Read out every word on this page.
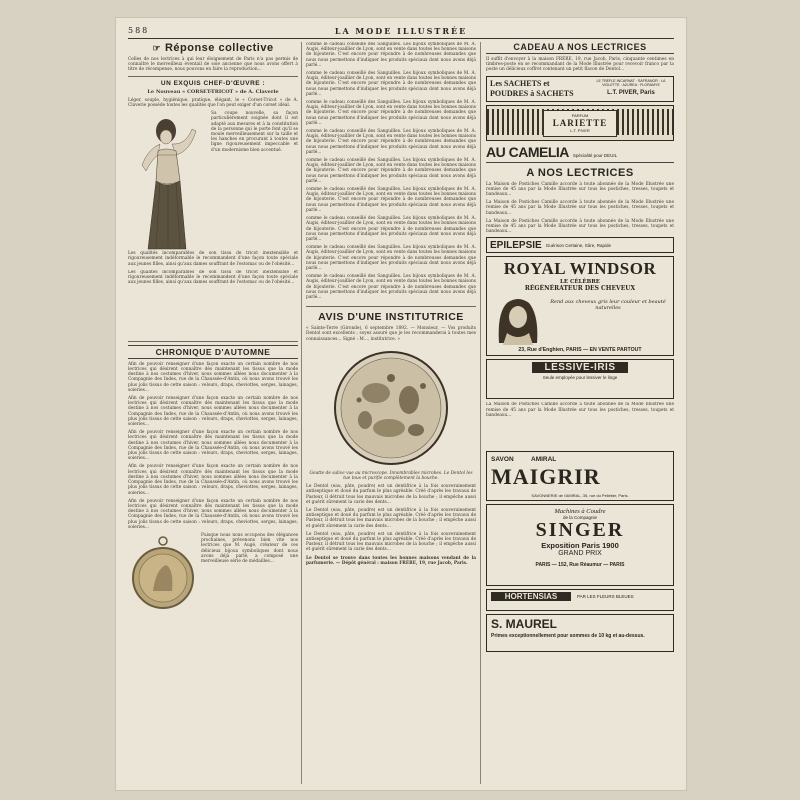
588	LA MODE ILLUSTRÉE
☞ Réponse collective

Celles de nos lectrices à qui leur éloignement de Paris n'a pas permis de connaître le merveilleux éventail de soie ancienne que nous avons offert à titre de récompense, nous pouvons en faire la reproduction...

UN EXQUIS CHEF-D'ŒUVRE :

Le Nouveau « CORSET-TRICOT » de A. Claverie

Léger, souple, hygiénique, pratique, élégant, le « Corset-Tricot » de A. Claverie possède toutes les qualités que l'on peut exiger d'un corset idéal.

Sa coupe nouvelle, sa façon particulièrement soignée dont il est adapté aux mesures et à la constitution de la personne qui le porte font qu'il se moule merveilleusement sur la taille et les hanches en procurant à toutes une ligne rigoureusement impeccable et d'un modernisme bien accentué.

Les qualités incomparables de son tissu de tricot inextensible et rigoureusement indéformable le recommandent d'une façon toute spéciale aux jeunes filles, ainsi qu'aux dames souffrant de l'estomac ou de l'obésité...

Les qualités incomparables de son tissu de tricot inextensible et rigoureusement indéformable le recommandent d'une façon toute spéciale aux jeunes filles, ainsi qu'aux dames souffrant de l'estomac ou de l'obésité...

CHRONIQUE D'AUTOMNE

Afin de pouvoir renseigner d'une façon exacte un certain nombre de nos lectrices qui désirent connaître dès maintenant les tissus que la mode destine à nos costumes d'hiver, nous sommes allées nous documenter à la Compagnie des Indes, rue de la Chaussée-d'Antin, où nous avons trouvé les plus jolis tissus de cette saison : velours, draps, cheviottes, serges, lainages, soieries...

Afin de pouvoir renseigner d'une façon exacte un certain nombre de nos lectrices qui désirent connaître dès maintenant les tissus que la mode destine à nos costumes d'hiver, nous sommes allées nous documenter à la Compagnie des Indes, rue de la Chaussée-d'Antin, où nous avons trouvé les plus jolis tissus de cette saison : velours, draps, cheviottes, serges, lainages, soieries...

Afin de pouvoir renseigner d'une façon exacte un certain nombre de nos lectrices qui désirent connaître dès maintenant les tissus que la mode destine à nos costumes d'hiver, nous sommes allées nous documenter à la Compagnie des Indes, rue de la Chaussée-d'Antin, où nous avons trouvé les plus jolis tissus de cette saison : velours, draps, cheviottes, serges, lainages, soieries...

Afin de pouvoir renseigner d'une façon exacte un certain nombre de nos lectrices qui désirent connaître dès maintenant les tissus que la mode destine à nos costumes d'hiver, nous sommes allées nous documenter à la Compagnie des Indes, rue de la Chaussée-d'Antin, où nous avons trouvé les plus jolis tissus de cette saison : velours, draps, cheviottes, serges, lainages, soieries...

Afin de pouvoir renseigner d'une façon exacte un certain nombre de nos lectrices qui désirent connaître dès maintenant les tissus que la mode destine à nos costumes d'hiver, nous sommes allées nous documenter à la Compagnie des Indes, rue de la Chaussée-d'Antin, où nous avons trouvé les plus jolis tissus de cette saison : velours, draps, cheviottes, serges, lainages, soieries...

Puisque nous nous occupons des élégances prochaines, prévenons bien vite nos lectrices que M. Augé, créateur de ces délicieux bijoux symboliques dont nous avons déjà parlé, a composé une merveilleuse série de médailles...

comme le cadeau conseillé des Sanguilles. Les bijoux symboliques de M. A. Augis, éditeur-joaillier de Lyon, sont en vente dans toutes les bonnes maisons de bijouterie. C'est encore pour répondre à de nombreuses demandes que nous nous permettons d'indiquer les produits spéciaux dont nous avons déjà parlé...

comme le cadeau conseillé des Sanguilles. Les bijoux symboliques de M. A. Augis, éditeur-joaillier de Lyon, sont en vente dans toutes les bonnes maisons de bijouterie. C'est encore pour répondre à de nombreuses demandes que nous nous permettons d'indiquer les produits spéciaux dont nous avons déjà parlé...

comme le cadeau conseillé des Sanguilles. Les bijoux symboliques de M. A. Augis, éditeur-joaillier de Lyon, sont en vente dans toutes les bonnes maisons de bijouterie. C'est encore pour répondre à de nombreuses demandes que nous nous permettons d'indiquer les produits spéciaux dont nous avons déjà parlé...

comme le cadeau conseillé des Sanguilles. Les bijoux symboliques de M. A. Augis, éditeur-joaillier de Lyon, sont en vente dans toutes les bonnes maisons de bijouterie. C'est encore pour répondre à de nombreuses demandes que nous nous permettons d'indiquer les produits spéciaux dont nous avons déjà parlé...

comme le cadeau conseillé des Sanguilles. Les bijoux symboliques de M. A. Augis, éditeur-joaillier de Lyon, sont en vente dans toutes les bonnes maisons de bijouterie. C'est encore pour répondre à de nombreuses demandes que nous nous permettons d'indiquer les produits spéciaux dont nous avons déjà parlé...

comme le cadeau conseillé des Sanguilles. Les bijoux symboliques de M. A. Augis, éditeur-joaillier de Lyon, sont en vente dans toutes les bonnes maisons de bijouterie. C'est encore pour répondre à de nombreuses demandes que nous nous permettons d'indiquer les produits spéciaux dont nous avons déjà parlé...

comme le cadeau conseillé des Sanguilles. Les bijoux symboliques de M. A. Augis, éditeur-joaillier de Lyon, sont en vente dans toutes les bonnes maisons de bijouterie. C'est encore pour répondre à de nombreuses demandes que nous nous permettons d'indiquer les produits spéciaux dont nous avons déjà parlé...

comme le cadeau conseillé des Sanguilles. Les bijoux symboliques de M. A. Augis, éditeur-joaillier de Lyon, sont en vente dans toutes les bonnes maisons de bijouterie. C'est encore pour répondre à de nombreuses demandes que nous nous permettons d'indiquer les produits spéciaux dont nous avons déjà parlé...

comme le cadeau conseillé des Sanguilles. Les bijoux symboliques de M. A. Augis, éditeur-joaillier de Lyon, sont en vente dans toutes les bonnes maisons de bijouterie. C'est encore pour répondre à de nombreuses demandes que nous nous permettons d'indiquer les produits spéciaux dont nous avons déjà parlé...

AVIS D'UNE INSTITUTRICE

« Sainte-Terre (Gironde), 6 septembre 1892. — Monsieur, — Vos produits Dentol sont excellents ; soyez assuré que je les recommanderai à toutes mes connaissances... Signé : M..., institutrice. »

Goutte de salive vue au microscope. Innombrables microbes. Le Dentol les tue tous et purifie complètement la bouche.

Le Dentol (eau, pâte, poudre) est un dentifrice à la fois souverainement antiseptique et doué du parfum le plus agréable. Créé d'après les travaux de Pasteur, il détruit tous les mauvais microbes de la bouche ; il empêche aussi et guérit sûrement la carie des dents...

Le Dentol (eau, pâte, poudre) est un dentifrice à la fois souverainement antiseptique et doué du parfum le plus agréable. Créé d'après les travaux de Pasteur, il détruit tous les mauvais microbes de la bouche ; il empêche aussi et guérit sûrement la carie des dents...

Le Dentol (eau, pâte, poudre) est un dentifrice à la fois souverainement antiseptique et doué du parfum le plus agréable. Créé d'après les travaux de Pasteur, il détruit tous les mauvais microbes de la bouche ; il empêche aussi et guérit sûrement la carie des dents...

Le Dentol se trouve dans toutes les bonnes maisons vendant de la parfumerie. — Dépôt général : maison FRÈRE, 19, rue Jacob, Paris.

CADEAU A NOS LECTRICES

Il suffit d'envoyer à la maison FRÈRE, 19, rue Jacob, Paris, cinquante centimes en timbres-poste en se recommandant de la Mode Illustrée pour recevoir franco par la poste un délicieux coffret contenant un petit flacon de Dentol...

Les SACHETS et
POUDRES à SACHETS
LE TREFLE INCARNAT · SAFRANOR · LA VIOLETTE · AZUREA · FLORAMYE
L.T. PIVER, Paris
PARFUM
LARIETTE
L.T. PIVER
AU CAMELIA Spécialité pour DEUIL
A NOS LECTRICES

La Maison de Postiches Camille accorde à toute abonnée de la Mode Illustrée une remise de 45 ans par la Mode Illustrée sur tous les postiches, tresses, toupets et bandeaux...

La Maison de Postiches Camille accorde à toute abonnée de la Mode Illustrée une remise de 45 ans par la Mode Illustrée sur tous les postiches, tresses, toupets et bandeaux...

La Maison de Postiches Camille accorde à toute abonnée de la Mode Illustrée une remise de 45 ans par la Mode Illustrée sur tous les postiches, tresses, toupets et bandeaux...

EPILEPSIE Guérison Certaine, Sûre, Rapide
ROYAL WINDSOR
LE CÉLÈBRE
RÉGÉNÉRATEUR DES CHEVEUX
Rend aux cheveux gris leur couleur et beauté naturelles
23, Rue d'Enghien, PARIS — EN VENTE PARTOUT
LESSIVE-IRIS
Seule employée pour lessiver le linge

La Maison de Postiches Camille accorde à toute abonnée de la Mode Illustrée une remise de 45 ans par la Mode Illustrée sur tous les postiches, tresses, toupets et bandeaux...

SAVON	AMIRAL
MAIGRIR
SAVONNERIE de l'AMIRAL, 35, rue du Pelletier, Paris.
Machines à Coudre
de la Compagnie
SINGER
Exposition Paris 1900
GRAND PRIX
PARIS — 152, Rue Réaumur — PARIS
HORTENSIAS	PAR LES FLEURS BLEUES
S. MAUREL
Primes exceptionnellement pour sommes de 10 kg et au-dessus.
